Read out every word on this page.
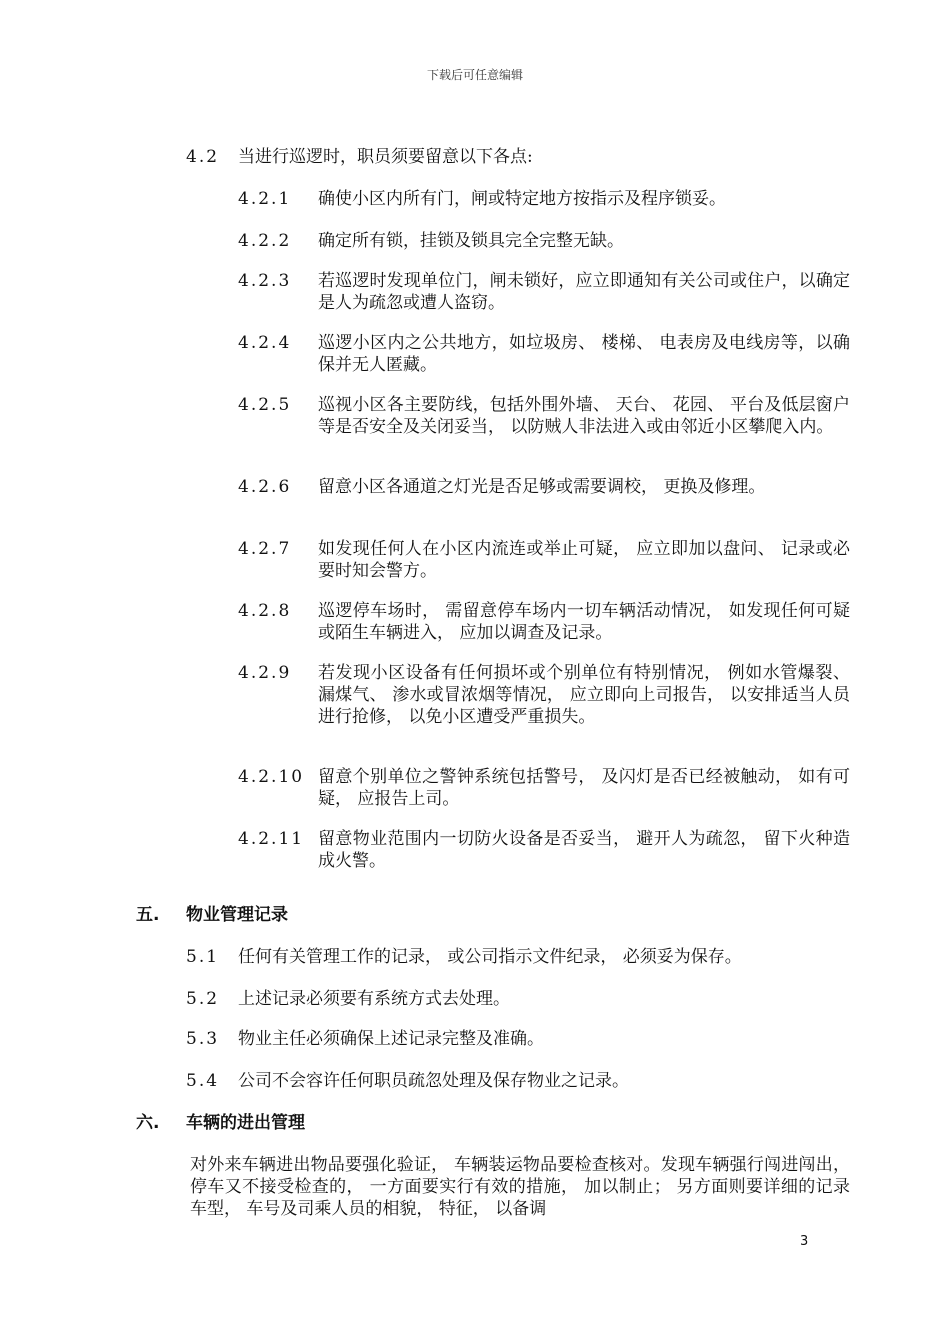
下载后可任意编辑
4.2 当进行巡逻时，职员须要留意以下各点:
4.2.1 确使小区内所有门，闸或特定地方按指示及程序锁妥。
4.2.2 确定所有锁，挂锁及锁具完全完整无缺。
4.2.3 若巡逻时发现单位门，闸未锁好，应立即通知有关公司或住户，以确定是人为疏忽或遭人盗窃。
4.2.4 巡逻小区内之公共地方，如垃圾房、 楼梯、 电表房及电线房等，以确保并无人匿藏。
4.2.5 巡视小区各主要防线，包括外围外墙、 天台、 花园、 平台及低层窗户等是否安全及关闭妥当， 以防贼人非法进入或由邻近小区攀爬入内。
4.2.6 留意小区各通道之灯光是否足够或需要调校， 更换及修理。
4.2.7 如发现任何人在小区内流连或举止可疑， 应立即加以盘问、 记录或必要时知会警方。
4.2.8 巡逻停车场时， 需留意停车场内一切车辆活动情况， 如发现任何可疑或陌生车辆进入， 应加以调查及记录。
4.2.9 若发现小区设备有任何损坏或个别单位有特别情况， 例如水管爆裂、 漏煤气、 渗水或冒浓烟等情况， 应立即向上司报告， 以安排适当人员进行抢修， 以免小区遭受严重损失。
4.2.10 留意个别单位之警钟系统包括警号， 及闪灯是否已经被触动， 如有可疑， 应报告上司。
4.2.11 留意物业范围内一切防火设备是否妥当， 避开人为疏忽， 留下火种造成火警。
五. 物业管理记录
5.1 任何有关管理工作的记录， 或公司指示文件纪录， 必须妥为保存。
5.2 上述记录必须要有系统方式去处理。
5.3 物业主任必须确保上述记录完整及准确。
5.4 公司不会容许任何职员疏忽处理及保存物业之记录。
六. 车辆的进出管理
对外来车辆进出物品要强化验证， 车辆装运物品要检查核对。发现车辆强行闯进闯出， 停车又不接受检查的， 一方面要实行有效的措施， 加以制止； 另方面则要详细的记录车型， 车号及司乘人员的相貌， 特征， 以备调
3
